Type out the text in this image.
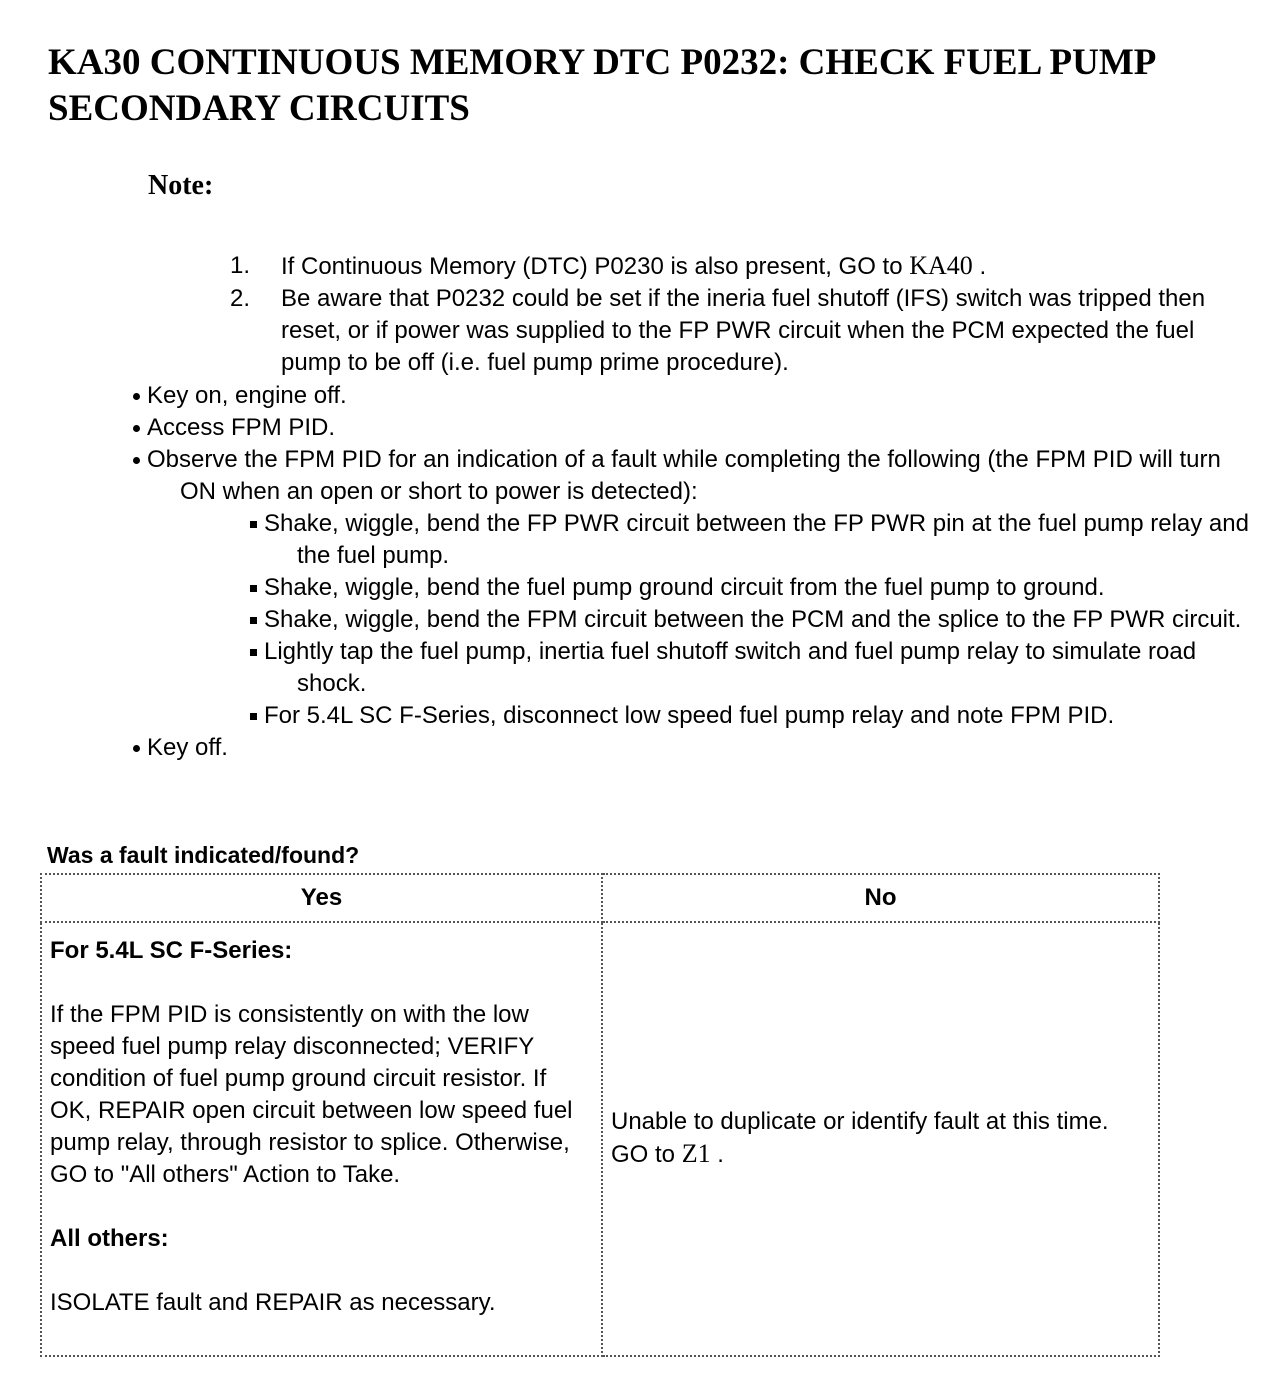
KA30 CONTINUOUS MEMORY DTC P0232: CHECK FUEL PUMP SECONDARY CIRCUITS
Note:
1. If Continuous Memory (DTC) P0230 is also present, GO to KA40 .
2. Be aware that P0232 could be set if the ineria fuel shutoff (IFS) switch was tripped then reset, or if power was supplied to the FP PWR circuit when the PCM expected the fuel pump to be off (i.e. fuel pump prime procedure).
Key on, engine off.
Access FPM PID.
Observe the FPM PID for an indication of a fault while completing the following (the FPM PID will turn ON when an open or short to power is detected):
Shake, wiggle, bend the FP PWR circuit between the FP PWR pin at the fuel pump relay and the fuel pump.
Shake, wiggle, bend the fuel pump ground circuit from the fuel pump to ground.
Shake, wiggle, bend the FPM circuit between the PCM and the splice to the FP PWR circuit.
Lightly tap the fuel pump, inertia fuel shutoff switch and fuel pump relay to simulate road shock.
For 5.4L SC F-Series, disconnect low speed fuel pump relay and note FPM PID.
Key off.
Was a fault indicated/found?
Yes	No

For 5.4L SC F-Series:

If the FPM PID is consistently on with the low speed fuel pump relay disconnected; VERIFY condition of fuel pump ground circuit resistor. If OK, REPAIR open circuit between low speed fuel pump relay, through resistor to splice. Otherwise, GO to "All others" Action to Take.

All others:

ISOLATE fault and REPAIR as necessary.	Unable to duplicate or identify fault at this time. GO to Z1 .
